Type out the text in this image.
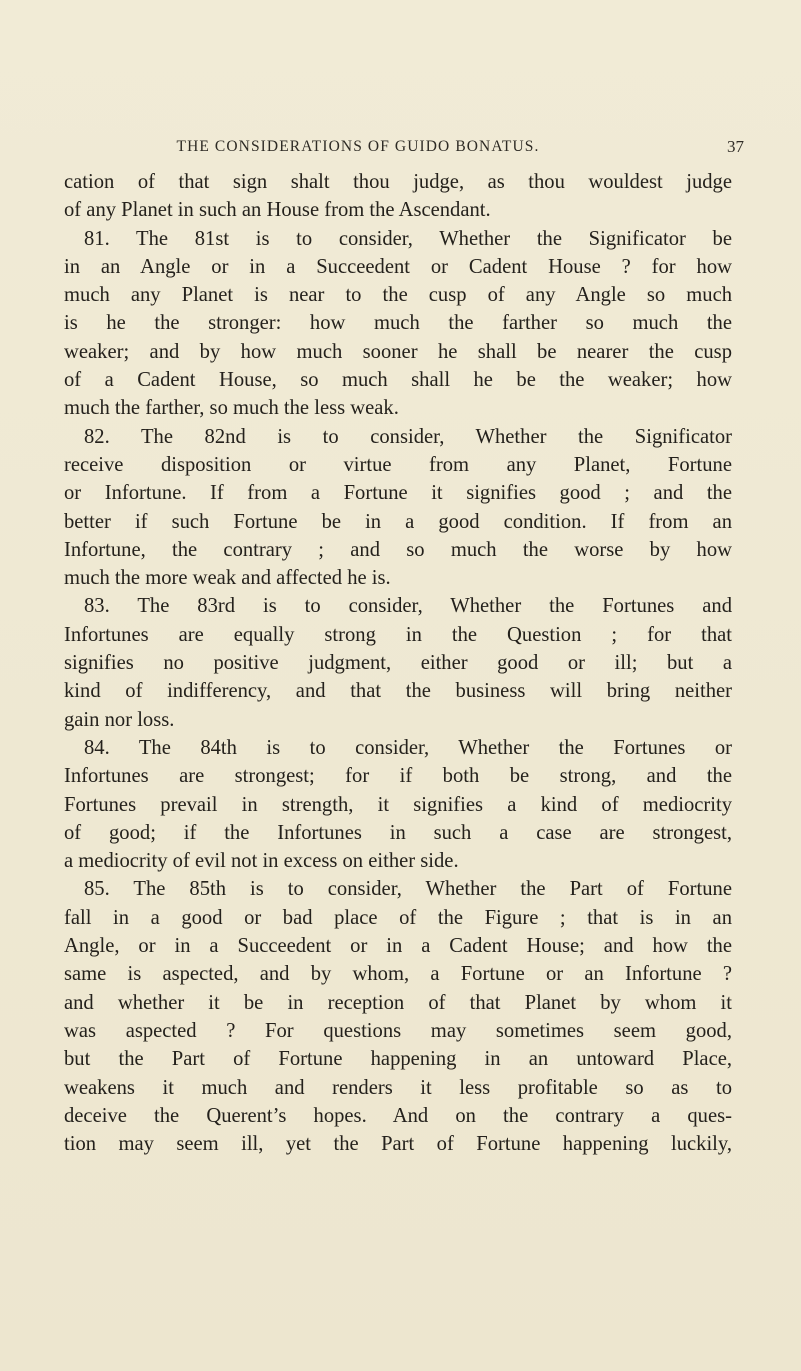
THE CONSIDERATIONS OF GUIDO BONATUS.	37
cation of that sign shalt thou judge, as thou wouldest judge
of any Planet in such an House from the Ascendant.
81. The 81st is to consider, Whether the Significator be
in an Angle or in a Succeedent or Cadent House ? for how
much any Planet is near to the cusp of any Angle so much
is he the stronger: how much the farther so much the
weaker; and by how much sooner he shall be nearer the cusp
of a Cadent House, so much shall he be the weaker; how
much the farther, so much the less weak.
82. The 82nd is to consider, Whether the Significator
receive disposition or virtue from any Planet, Fortune
or Infortune. If from a Fortune it signifies good ; and the
better if such Fortune be in a good condition. If from an
Infortune, the contrary ; and so much the worse by how
much the more weak and affected he is.
83. The 83rd is to consider, Whether the Fortunes and
Infortunes are equally strong in the Question ; for that
signifies no positive judgment, either good or ill; but a
kind of indifferency, and that the business will bring neither
gain nor loss.
84. The 84th is to consider, Whether the Fortunes or
Infortunes are strongest; for if both be strong, and the
Fortunes prevail in strength, it signifies a kind of mediocrity
of good; if the Infortunes in such a case are strongest,
a mediocrity of evil not in excess on either side.
85. The 85th is to consider, Whether the Part of Fortune
fall in a good or bad place of the Figure ; that is in an
Angle, or in a Succeedent or in a Cadent House; and how the
same is aspected, and by whom, a Fortune or an Infortune ?
and whether it be in reception of that Planet by whom it
was aspected ? For questions may sometimes seem good,
but the Part of Fortune happening in an untoward Place,
weakens it much and renders it less profitable so as to
deceive the Querent’s hopes. And on the contrary a ques-
tion may seem ill, yet the Part of Fortune happening luckily,
